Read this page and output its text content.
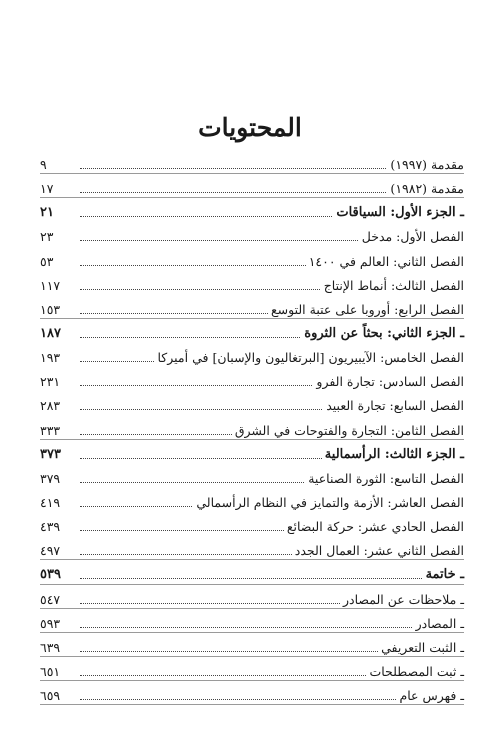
المحتويات
مقدمة (١٩٩٧)
٩
مقدمة (١٩٨٢)
١٧
ـ الجزء الأول: السياقات
٢١
الفصل الأول: مدخل
٢٣
الفصل الثاني: العالم في ١٤٠٠
٥٣
الفصل الثالث: أنماط الإنتاج
١١٧
الفصل الرابع: أوروبا على عتبة التوسع
١٥٣
ـ الجزء الثاني: بحثاً عن الثروة
١٨٧
الفصل الخامس: الآيبيريون [البرتغاليون والإسبان] في أميركا
١٩٣
الفصل السادس: تجارة الفرو
٢٣١
الفصل السابع: تجارة العبيد
٢٨٣
الفصل الثامن: التجارة والفتوحات في الشرق
٣٣٣
ـ الجزء الثالث: الرأسمالية
٣٧٣
الفصل التاسع: الثورة الصناعية
٣٧٩
الفصل العاشر: الأزمة والتمايز في النظام الرأسمالي
٤١٩
الفصل الحادي عشر: حركة البضائع
٤٣٩
الفصل الثاني عشر: العمال الجدد
٤٩٧
ـ خاتمة
٥٣٩
ـ ملاحظات عن المصادر
٥٤٧
ـ المصادر
٥٩٣
ـ الثبت التعريفي
٦٣٩
ـ ثبت المصطلحات
٦٥١
ـ فهرس عام
٦٥٩
